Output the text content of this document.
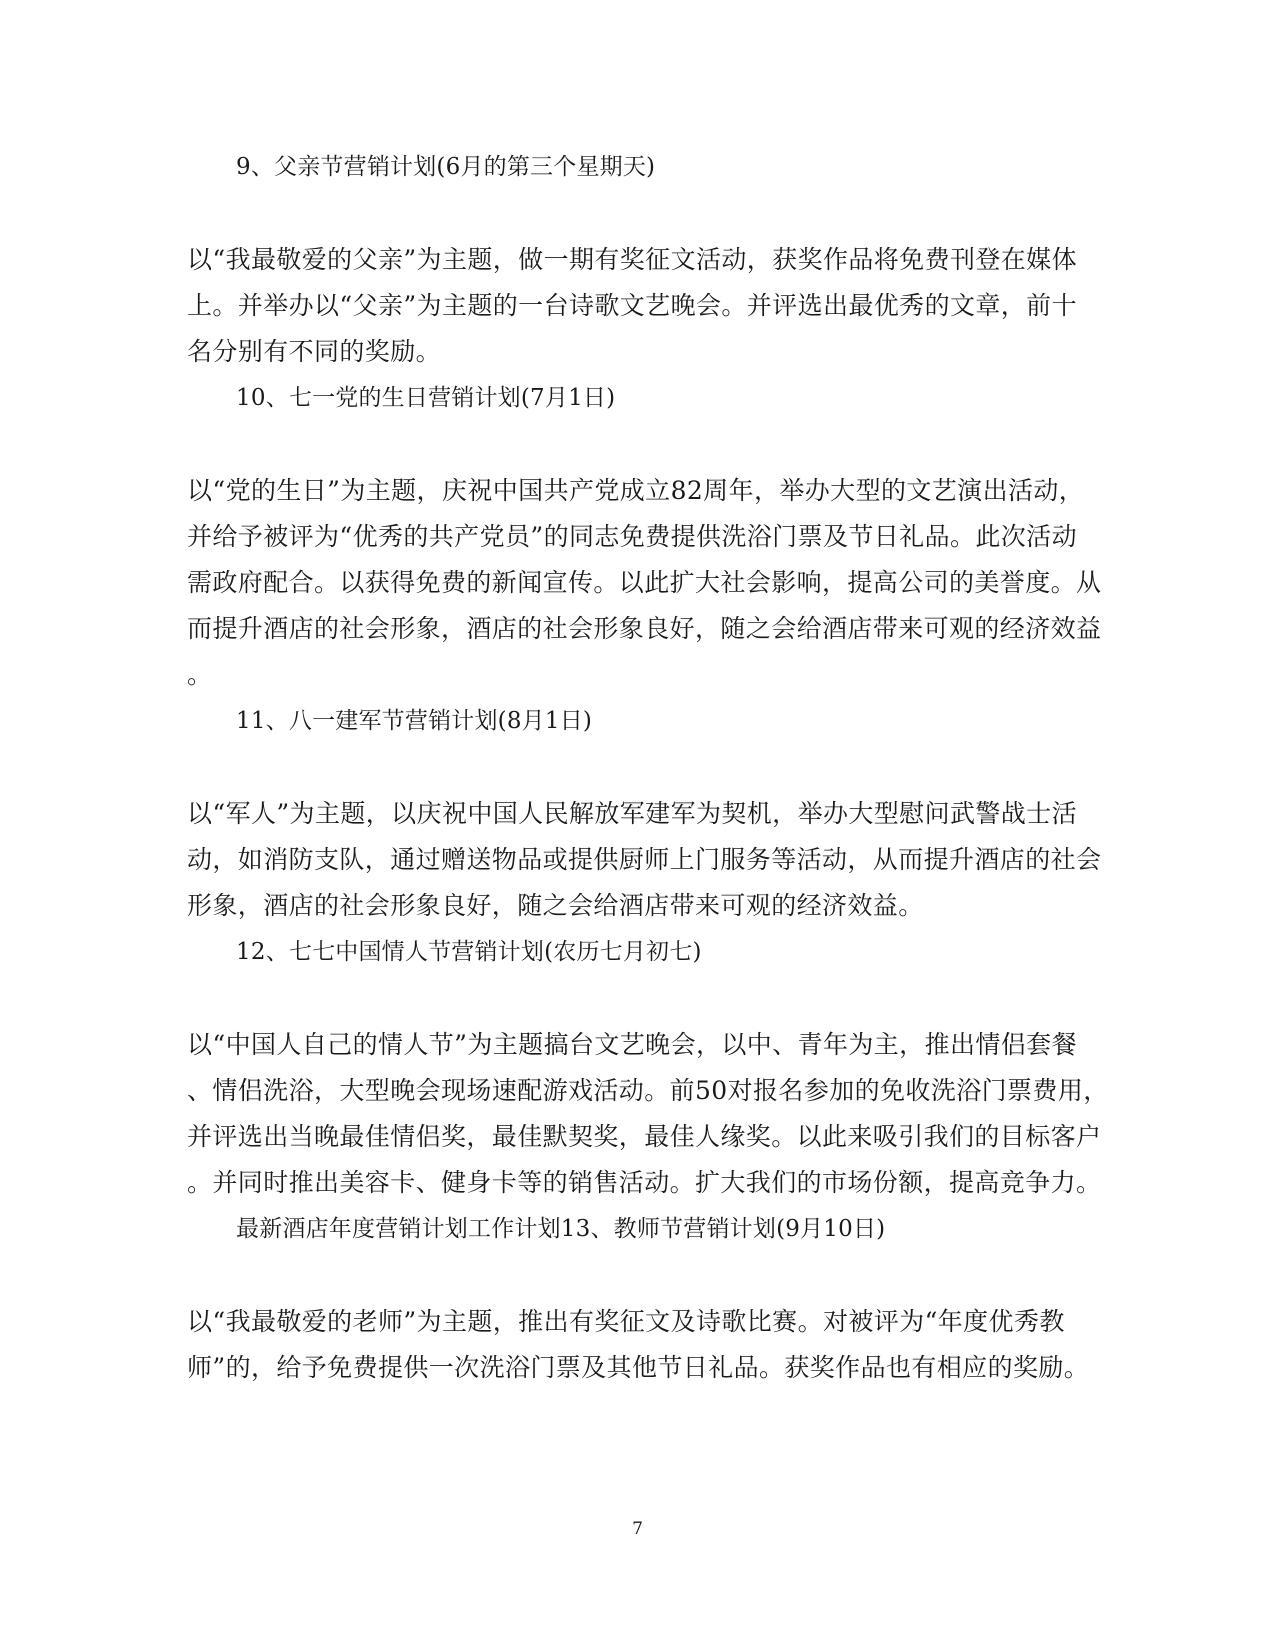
9、父亲节营销计划(6月的第三个星期天)
以“我最敬爱的父亲”为主题，做一期有奖征文活动，获奖作品将免费刊登在媒体
上。并举办以“父亲”为主题的一台诗歌文艺晚会。并评选出最优秀的文章，前十
名分别有不同的奖励。
10、七一党的生日营销计划(7月1日)
以“党的生日”为主题，庆祝中国共产党成立82周年，举办大型的文艺演出活动，
并给予被评为“优秀的共产党员”的同志免费提供洗浴门票及节日礼品。此次活动
需政府配合。以获得免费的新闻宣传。以此扩大社会影响，提高公司的美誉度。从
而提升酒店的社会形象，酒店的社会形象良好，随之会给酒店带来可观的经济效益
。
11、八一建军节营销计划(8月1日)
以“军人”为主题，以庆祝中国人民解放军建军为契机，举办大型慰问武警战士活
动，如消防支队，通过赠送物品或提供厨师上门服务等活动，从而提升酒店的社会
形象，酒店的社会形象良好，随之会给酒店带来可观的经济效益。
12、七七中国情人节营销计划(农历七月初七)
以“中国人自己的情人节”为主题搞台文艺晚会，以中、青年为主，推出情侣套餐
、情侣洗浴，大型晚会现场速配游戏活动。前50对报名参加的免收洗浴门票费用，
并评选出当晚最佳情侣奖，最佳默契奖，最佳人缘奖。以此来吸引我们的目标客户
。并同时推出美容卡、健身卡等的销售活动。扩大我们的市场份额，提高竞争力。
最新酒店年度营销计划工作计划13、教师节营销计划(9月10日)
以“我最敬爱的老师”为主题，推出有奖征文及诗歌比赛。对被评为“年度优秀教
师”的，给予免费提供一次洗浴门票及其他节日礼品。获奖作品也有相应的奖励。
7
